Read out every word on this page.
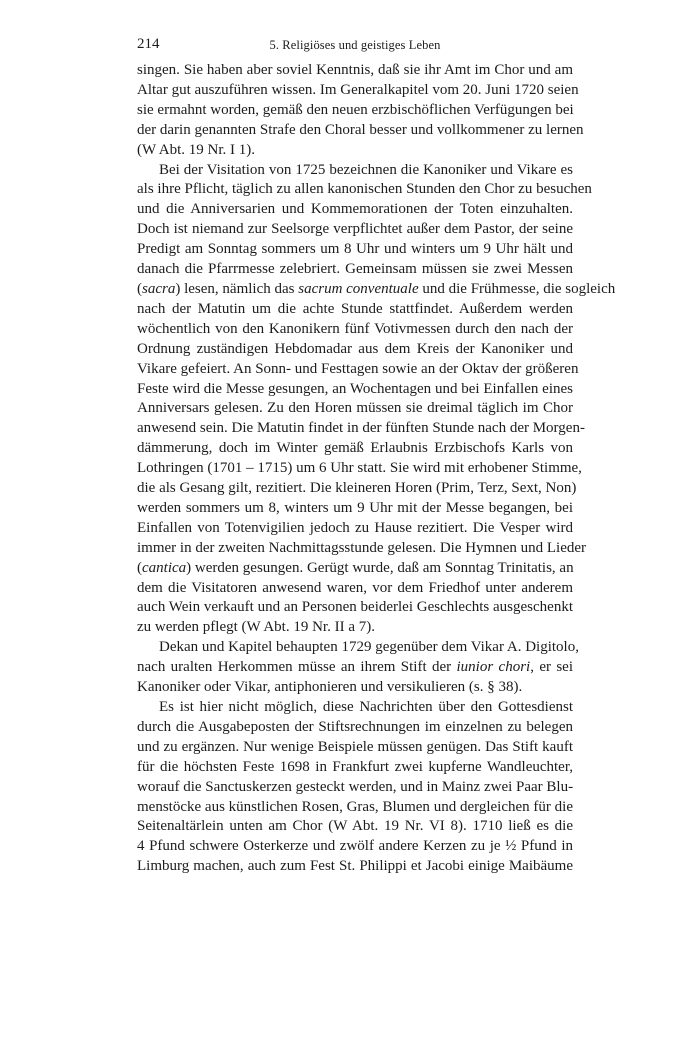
214	5. Religiöses und geistiges Leben
singen. Sie haben aber soviel Kenntnis, daß sie ihr Amt im Chor und am
Altar gut auszuführen wissen. Im Generalkapitel vom 20. Juni 1720 seien
sie ermahnt worden, gemäß den neuen erzbischöflichen Verfügungen bei
der darin genannten Strafe den Choral besser und vollkommener zu lernen
(W Abt. 19 Nr. I 1).
Bei der Visitation von 1725 bezeichnen die Kanoniker und Vikare es
als ihre Pflicht, täglich zu allen kanonischen Stunden den Chor zu besuchen
und die Anniversarien und Kommemorationen der Toten einzuhalten.
Doch ist niemand zur Seelsorge verpflichtet außer dem Pastor, der seine
Predigt am Sonntag sommers um 8 Uhr und winters um 9 Uhr hält und
danach die Pfarrmesse zelebriert. Gemeinsam müssen sie zwei Messen
(sacra) lesen, nämlich das sacrum conventuale und die Frühmesse, die sogleich
nach der Matutin um die achte Stunde stattfindet. Außerdem werden
wöchentlich von den Kanonikern fünf Votivmessen durch den nach der
Ordnung zuständigen Hebdomadar aus dem Kreis der Kanoniker und
Vikare gefeiert. An Sonn- und Festtagen sowie an der Oktav der größeren
Feste wird die Messe gesungen, an Wochentagen und bei Einfallen eines
Anniversars gelesen. Zu den Horen müssen sie dreimal täglich im Chor
anwesend sein. Die Matutin findet in der fünften Stunde nach der Morgen-
dämmerung, doch im Winter gemäß Erlaubnis Erzbischofs Karls von
Lothringen (1701 – 1715) um 6 Uhr statt. Sie wird mit erhobener Stimme,
die als Gesang gilt, rezitiert. Die kleineren Horen (Prim, Terz, Sext, Non)
werden sommers um 8, winters um 9 Uhr mit der Messe begangen, bei
Einfallen von Totenvigilien jedoch zu Hause rezitiert. Die Vesper wird
immer in der zweiten Nachmittagsstunde gelesen. Die Hymnen und Lieder
(cantica) werden gesungen. Gerügt wurde, daß am Sonntag Trinitatis, an
dem die Visitatoren anwesend waren, vor dem Friedhof unter anderem
auch Wein verkauft und an Personen beiderlei Geschlechts ausgeschenkt
zu werden pflegt (W Abt. 19 Nr. II a 7).
Dekan und Kapitel behaupten 1729 gegenüber dem Vikar A. Digitolo,
nach uralten Herkommen müsse an ihrem Stift der iunior chori, er sei
Kanoniker oder Vikar, antiphonieren und versikulieren (s. § 38).
Es ist hier nicht möglich, diese Nachrichten über den Gottesdienst
durch die Ausgabeposten der Stiftsrechnungen im einzelnen zu belegen
und zu ergänzen. Nur wenige Beispiele müssen genügen. Das Stift kauft
für die höchsten Feste 1698 in Frankfurt zwei kupferne Wandleuchter,
worauf die Sanctuskerzen gesteckt werden, und in Mainz zwei Paar Blu-
menstöcke aus künstlichen Rosen, Gras, Blumen und dergleichen für die
Seitenaltärlein unten am Chor (W Abt. 19 Nr. VI 8). 1710 ließ es die
4 Pfund schwere Osterkerze und zwölf andere Kerzen zu je ½ Pfund in
Limburg machen, auch zum Fest St. Philippi et Jacobi einige Maibäume
